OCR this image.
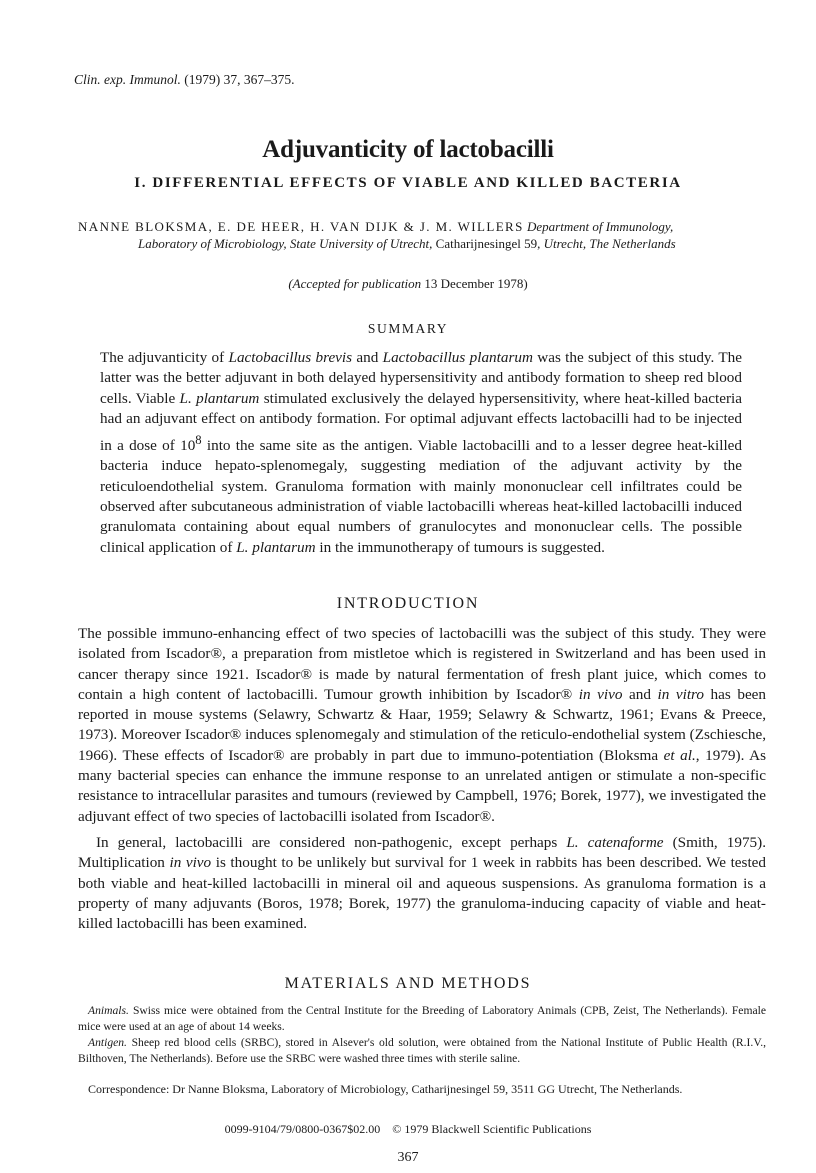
Clin. exp. Immunol. (1979) 37, 367–375.
Adjuvanticity of lactobacilli
I. DIFFERENTIAL EFFECTS OF VIABLE AND KILLED BACTERIA
NANNE BLOKSMA, E. DE HEER, H. VAN DIJK & J. M. WILLERS Department of Immunology,
Laboratory of Microbiology, State University of Utrecht, Catharijnesingel 59, Utrecht, The Netherlands
(Accepted for publication 13 December 1978)
SUMMARY
The adjuvanticity of Lactobacillus brevis and Lactobacillus plantarum was the subject of this study. The latter was the better adjuvant in both delayed hypersensitivity and antibody formation to sheep red blood cells. Viable L. plantarum stimulated exclusively the delayed hypersensitivity, where heat-killed bacteria had an adjuvant effect on antibody formation. For optimal adjuvant effects lactobacilli had to be injected in a dose of $10^8$ into the same site as the antigen. Viable lactobacilli and to a lesser degree heat-killed bacteria induce hepato-splenomegaly, suggesting mediation of the adjuvant activity by the reticuloendothelial system. Granuloma formation with mainly mononuclear cell infiltrates could be observed after subcutaneous administration of viable lactobacilli whereas heat-killed lactobacilli induced granulomata containing about equal numbers of granulocytes and mononuclear cells. The possible clinical application of L. plantarum in the immunotherapy of tumours is suggested.
INTRODUCTION

The possible immuno-enhancing effect of two species of lactobacilli was the subject of this study. They were isolated from Iscador®, a preparation from mistletoe which is registered in Switzerland and has been used in cancer therapy since 1921. Iscador® is made by natural fermentation of fresh plant juice, which comes to contain a high content of lactobacilli. Tumour growth inhibition by Iscador® in vivo and in vitro has been reported in mouse systems (Selawry, Schwartz & Haar, 1959; Selawry & Schwartz, 1961; Evans & Preece, 1973). Moreover Iscador® induces splenomegaly and stimulation of the reticulo-endothelial system (Zschiesche, 1966). These effects of Iscador® are probably in part due to immuno-potentiation (Bloksma et al., 1979). As many bacterial species can enhance the immune response to an unrelated antigen or stimulate a non-specific resistance to intracellular parasites and tumours (reviewed by Campbell, 1976; Borek, 1977), we investigated the adjuvant effect of two species of lactobacilli isolated from Iscador®.

In general, lactobacilli are considered non-pathogenic, except perhaps L. catenaforme (Smith, 1975). Multiplication in vivo is thought to be unlikely but survival for 1 week in rabbits has been described. We tested both viable and heat-killed lactobacilli in mineral oil and aqueous suspensions. As granuloma formation is a property of many adjuvants (Boros, 1978; Borek, 1977) the granuloma-inducing capacity of viable and heat-killed lactobacilli has been examined.

MATERIALS AND METHODS

Animals. Swiss mice were obtained from the Central Institute for the Breeding of Laboratory Animals (CPB, Zeist, The Netherlands). Female mice were used at an age of about 14 weeks.

Antigen. Sheep red blood cells (SRBC), stored in Alsever's old solution, were obtained from the National Institute of Public Health (R.I.V., Bilthoven, The Netherlands). Before use the SRBC were washed three times with sterile saline.

Correspondence: Dr Nanne Bloksma, Laboratory of Microbiology, Catharijnesingel 59, 3511 GG Utrecht, The Netherlands.
0099-9104/79/0800-0367$02.00 © 1979 Blackwell Scientific Publications
367
